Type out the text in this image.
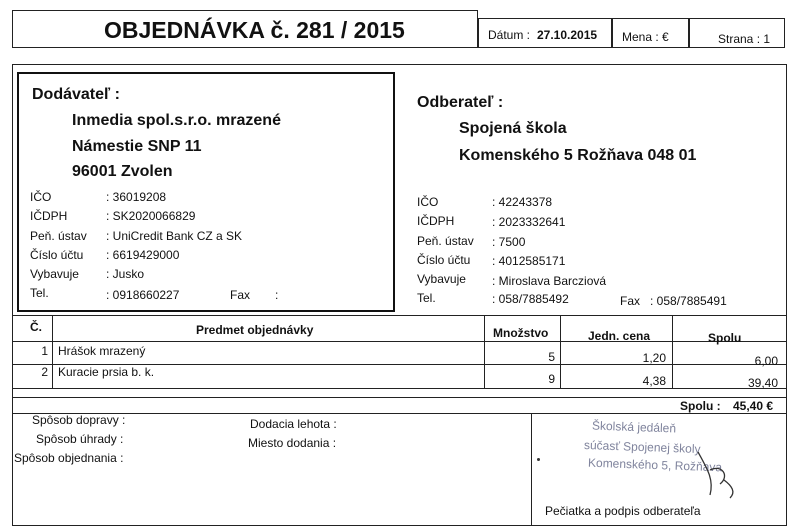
OBJEDNÁVKA č. 281 / 2015	Dátum : 27.10.2015 Mena : €	Strana : 1
Dodávateľ :
Inmedia spol.s.r.o. mrazené
Námestie SNP 11
96001 Zvolen
IČO	: 36019208
IČDPH	: SK2020066829
Peň. ústav : UniCredit Bank CZ a SK
Číslo účtu : 6619429000
Vybavuje : Jusko
Tel.	: 0918660227	Fax :
Odberateľ :
Spojená škola
Komenského 5 Rožňava 048 01
IČO	: 42243378
IČDPH	: 2023332641
Peň. ústav : 7500
Číslo účtu : 4012585171
Vybavuje : Miroslava Barcziová
Tel.	: 058/7885492	Fax : 058/7885491
Č.	Predmet objednávky	Množstvo	Jedn. cena	Spolu
1 Hrášok mrazený	5	1,20	6,00
2 Kuracie prsia b. k.	9	4,38	39,40
Spolu : 45,40 €
Spôsob dopravy :
Spôsob úhrady :
Spôsob objednania :
Dodacia lehota :
Miesto dodania :
Školská jedáleň
súčasť Spojenej školy
Komenského 5, Rožňava
Pečiatka a podpis odberateľa
